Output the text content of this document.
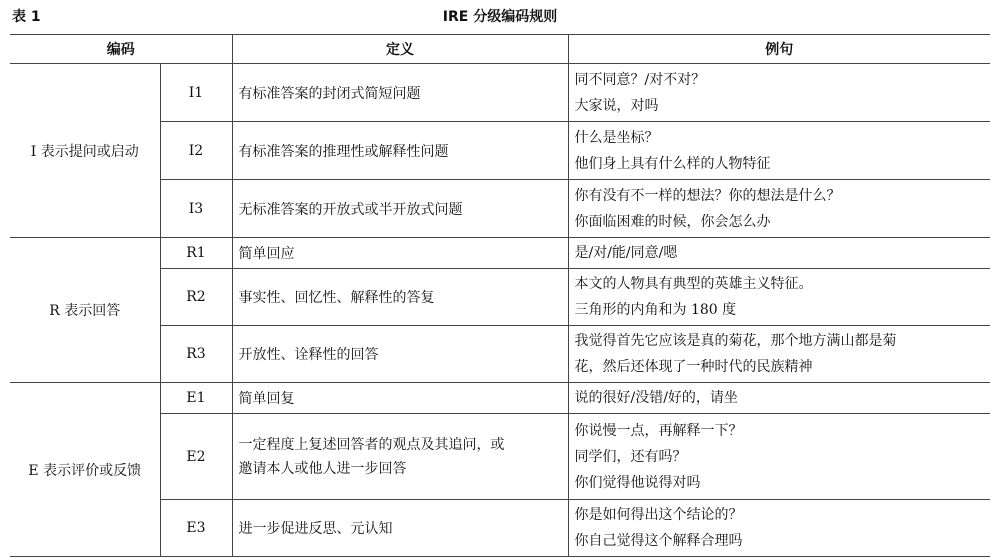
表 1	IRE 分级编码规则
编码		定义	例句
I 表示提问或启动	I1	有标准答案的封闭式简短问题	同不同意？/对不对？
大家说，对吗

	I2	有标准答案的推理性或解释性问题	什么是坐标？
他们身上具有什么样的人物特征

	I3	无标准答案的开放式或半开放式问题	你有没有不一样的想法？你的想法是什么？
你面临困难的时候，你会怎么办

R 表示回答	R1	简单回应	是/对/能/同意/嗯

	R2	事实性、回忆性、解释性的答复	本文的人物具有典型的英雄主义特征。
三角形的内角和为 180 度

	R3	开放性、诠释性的回答	我觉得首先它应该是真的菊花，那个地方满山都是菊
花，然后还体现了一种时代的民族精神

E 表示评价或反馈	E1	简单回复	说的很好/没错/好的，请坐

	E2	一定程度上复述回答者的观点及其追问，或
邀请本人或他人进一步回答	你说慢一点，再解释一下？
同学们，还有吗？
你们觉得他说得对吗

	E3	进一步促进反思、元认知	你是如何得出这个结论的？
你自己觉得这个解释合理吗
